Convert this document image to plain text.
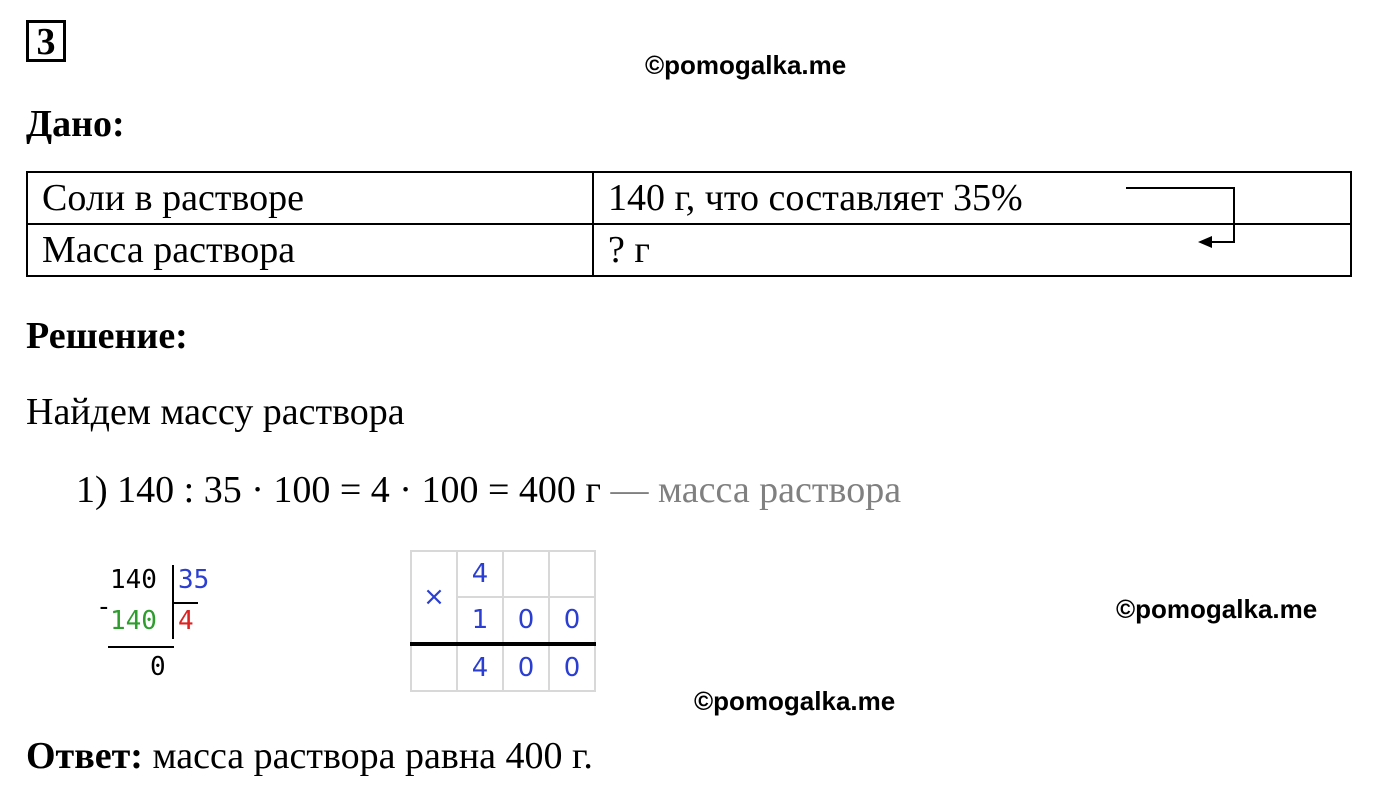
3
©pomogalka.me
Дано:
Соли в растворе	140 г, что составляет 35%
Масса раствора	? г
Решение:
Найдем массу раствора
1) 140 : 35 · 100 = 4 · 100 = 400 г — масса раствора
140 35
-
140 4
0
×	4		
	1	0	0
	4	0	0
©pomogalka.me
©pomogalka.me
Ответ: масса раствора равна 400 г.
